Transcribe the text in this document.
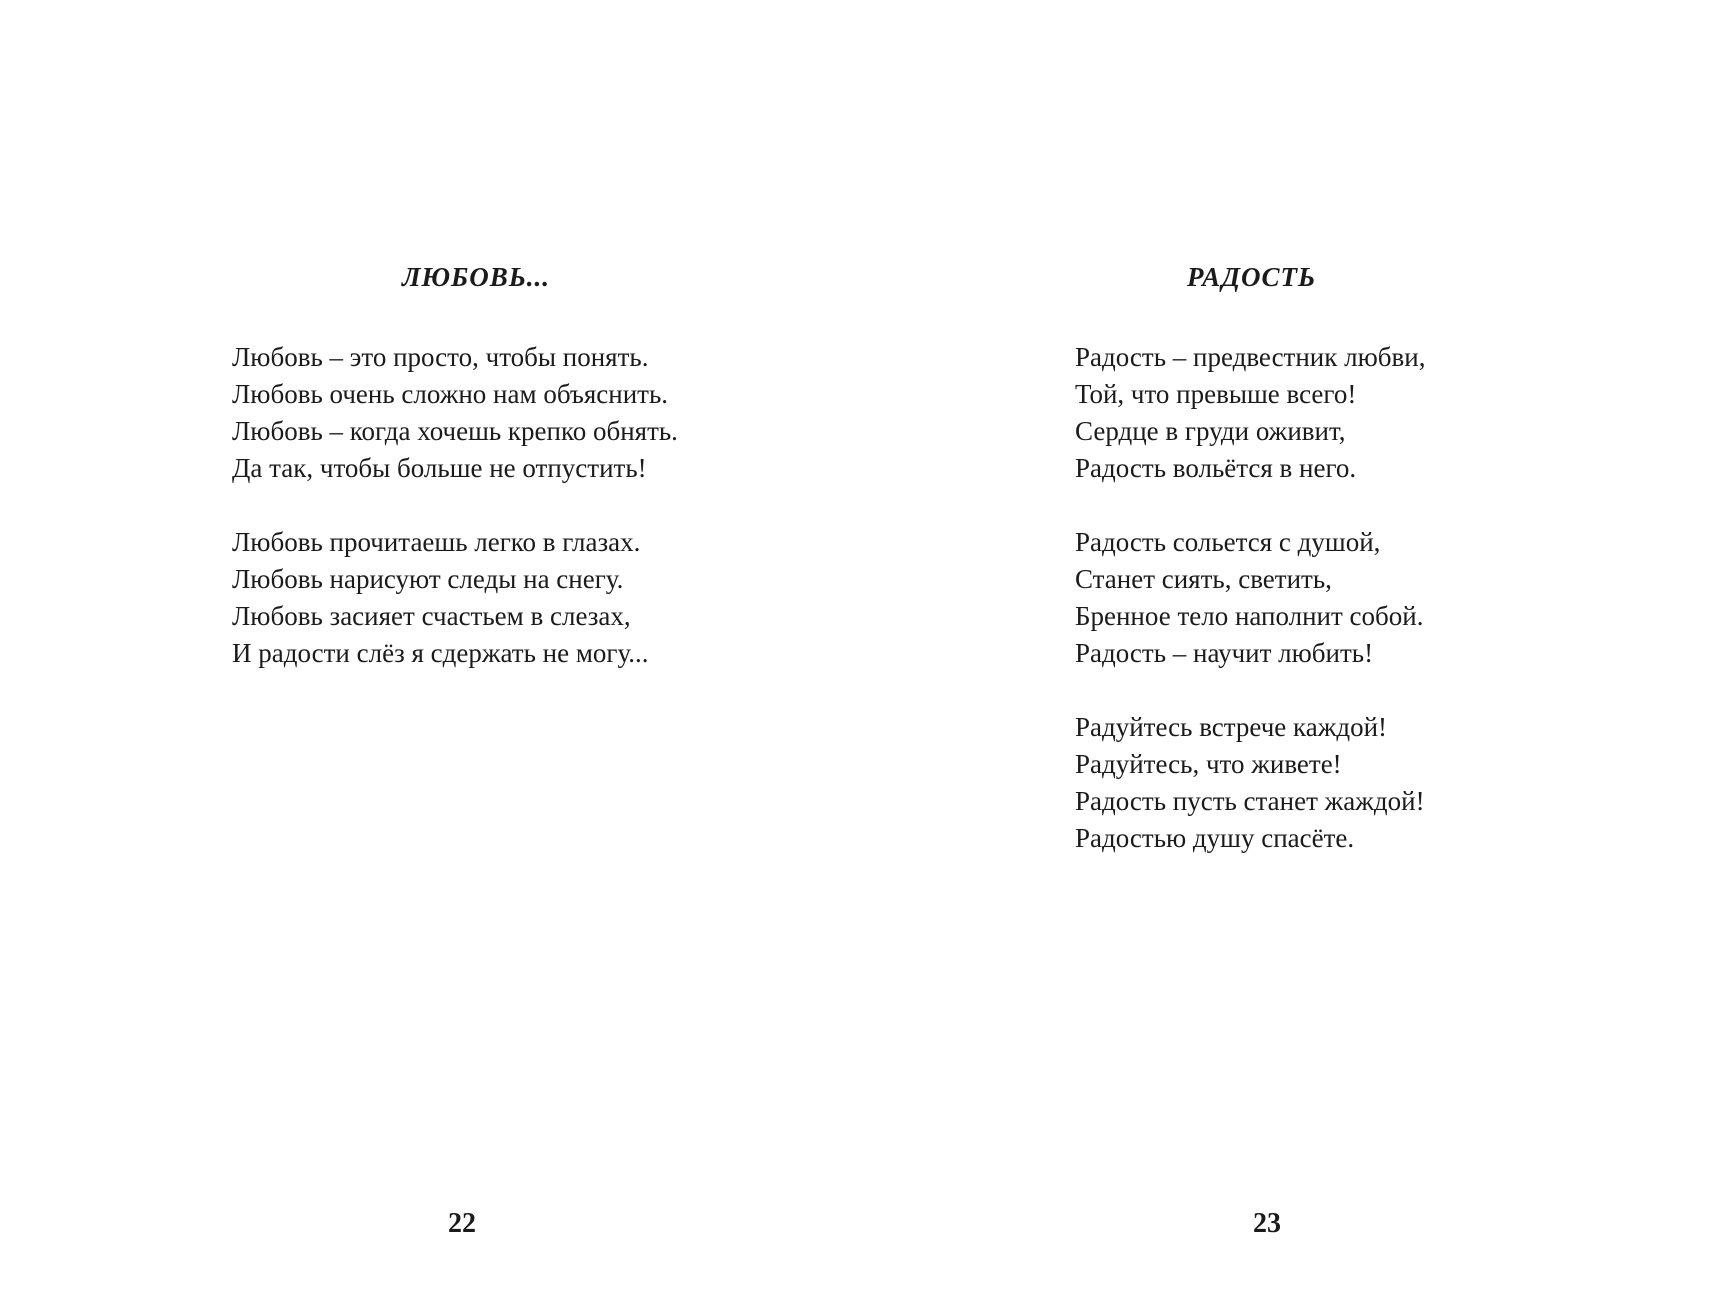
ЛЮБОВЬ...

Любовь – это просто, чтобы понять.
Любовь очень сложно нам объяснить.
Любовь – когда хочешь крепко обнять.
Да так, чтобы больше не отпустить!

Любовь прочитаешь легко в глазах.
Любовь нарисуют следы на снегу.
Любовь засияет счастьем в слезах,
И радости слёз я сдержать не могу...

22
РАДОСТЬ

Радость – предвестник любви,
Той, что превыше всего!
Сердце в груди оживит,
Радость вольётся в него.

Радость сольется с душой,
Станет сиять, светить,
Бренное тело наполнит собой.
Радость – научит любить!

Радуйтесь встрече каждой!
Радуйтесь, что живете!
Радость пусть станет жаждой!
Радостью душу спасёте.

23
